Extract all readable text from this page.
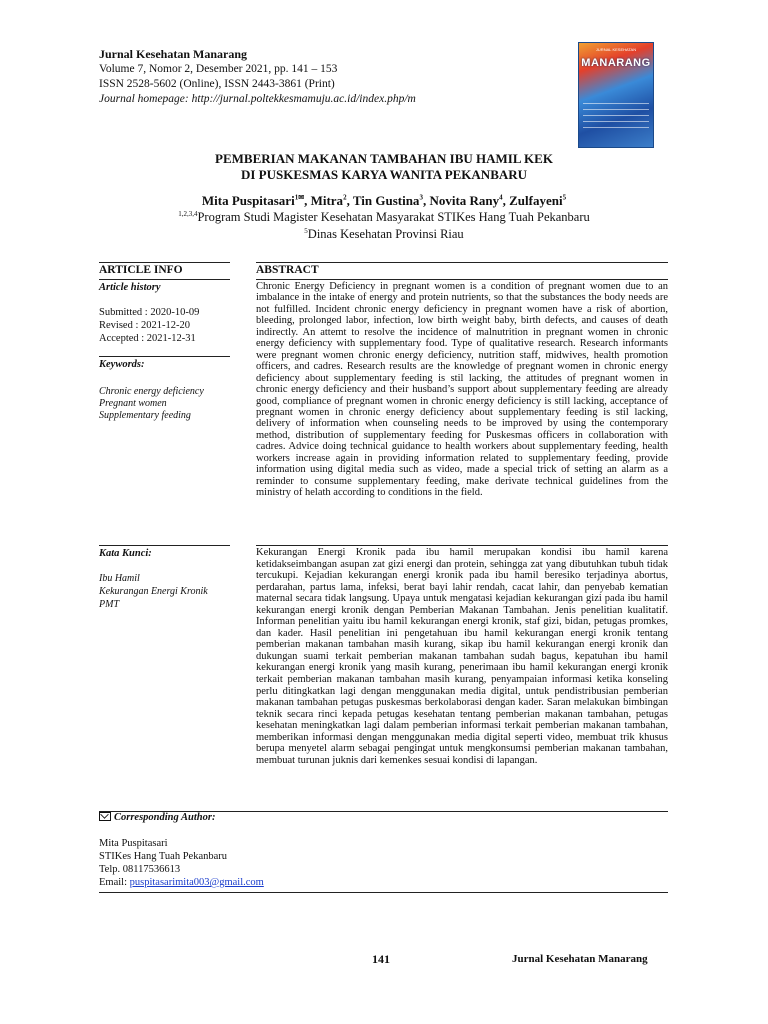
Jurnal Kesehatan Manarang
Volume 7, Nomor 2, Desember 2021, pp. 141 – 153
ISSN 2528-5602 (Online), ISSN 2443-3861 (Print)
Journal homepage: http://jurnal.poltekkesmamuju.ac.id/index.php/m
JURNAL KESEHATAN
MANARANG
PEMBERIAN MAKANAN TAMBAHAN IBU HAMIL KEK
DI PUSKESMAS KARYA WANITA PEKANBARU
Mita Puspitasari$^{1✉}$, Mitra$^2$, Tin Gustina$^3$, Novita Rany$^4$, Zulfayeni$^5$
$^{1,2,3,4}$Program Studi Magister Kesehatan Masyarakat STIKes Hang Tuah Pekanbaru
$^5$Dinas Kesehatan Provinsi Riau
ARTICLE INFO
Article history
Submitted : 2020-10-09
Revised : 2021-12-20
Accepted : 2021-12-31
Keywords:
Chronic energy deficiency
Pregnant women
Supplementary feeding
Kata Kunci:
Ibu Hamil
Kekurangan Energi Kronik
PMT
ABSTRACT
Chronic Energy Deficiency in pregnant women is a condition of pregnant women due to an imbalance in the intake of energy and protein nutrients, so that the substances the body needs are not fulfilled. Incident chronic energy deficiency in pregnant women have a risk of abortion, bleeding, prolonged labor, infection, low birth weight baby, birth defects, and causes of death indirectly. An attemt to resolve the incidence of malnutrition in pregnant women in chronic energy deficiency with supplementary food. Type of qualitative research. Research informants were pregnant women chronic energy deficiency, nutrition staff, midwives, health promotion officers, and cadres. Research results are the knowledge of pregnant women in chronic energy deficiency about supplementary feeding is stil lacking, the attitudes of pregnant women in chronic energy deficiency and their husband’s support about supplementary feeding are already good, compliance of pregnant women in chronic energy deficiency is still lacking, acceptance of pregnant women in chronic energy deficiency about supplementary feeding is stil lacking, delivery of information when counseling needs to be improved by using the contemporary method, distribution of supplementary feeding for Puskesmas officers in collaboration with cadres. Advice doing technical guidance to health workers about supplementary feeding, health workers increase again in providing information related to supplementary feeding, provide information using digital media such as video, made a special trick of setting an alarm as a reminder to consume supplementary feeding, make derivate technical guidelines from the ministry of helath according to conditions in the field.
Kekurangan Energi Kronik pada ibu hamil merupakan kondisi ibu hamil karena ketidakseimbangan asupan zat gizi energi dan protein, sehingga zat yang dibutuhkan tubuh tidak tercukupi. Kejadian kekurangan energi kronik pada ibu hamil beresiko terjadinya abortus, perdarahan, partus lama, infeksi, berat bayi lahir rendah, cacat lahir, dan penyebab kematian maternal secara tidak langsung. Upaya untuk mengatasi kejadian kekurangan gizi pada ibu hamil kekurangan energi kronik dengan Pemberian Makanan Tambahan. Jenis penelitian kualitatif. Informan penelitian yaitu ibu hamil kekurangan energi kronik, staf gizi, bidan, petugas promkes, dan kader. Hasil penelitian ini pengetahuan ibu hamil kekurangan energi kronik tentang pemberian makanan tambahan masih kurang, sikap ibu hamil kekurangan energi kronik dan dukungan suami terkait pemberian makanan tambahan sudah bagus, kepatuhan ibu hamil kekurangan energi kronik yang masih kurang, penerimaan ibu hamil kekurangan energi kronik terkait pemberian makanan tambahan masih kurang, penyampaian informasi ketika konseling perlu ditingkatkan lagi dengan menggunakan media digital, untuk pendistribusian pemberian makanan tambahan petugas puskesmas berkolaborasi dengan kader. Saran melakukan bimbingan teknik secara rinci kepada petugas kesehatan tentang pemberian makanan tambahan, petugas kesehatan meningkatkan lagi dalam pemberian informasi terkait pemberian makanan tambahan, memberikan informasi dengan menggunakan media digital seperti video, membuat trik khusus berupa menyetel alarm sebagai pengingat untuk mengkonsumsi pemberian makanan tambahan, membuat turunan juknis dari kemenkes sesuai kondisi di lapangan.
Corresponding Author:
Mita Puspitasari
STIKes Hang Tuah Pekanbaru
Telp. 08117536613
Email: puspitasarimita003@gmail.com
141	Jurnal Kesehatan Manarang
